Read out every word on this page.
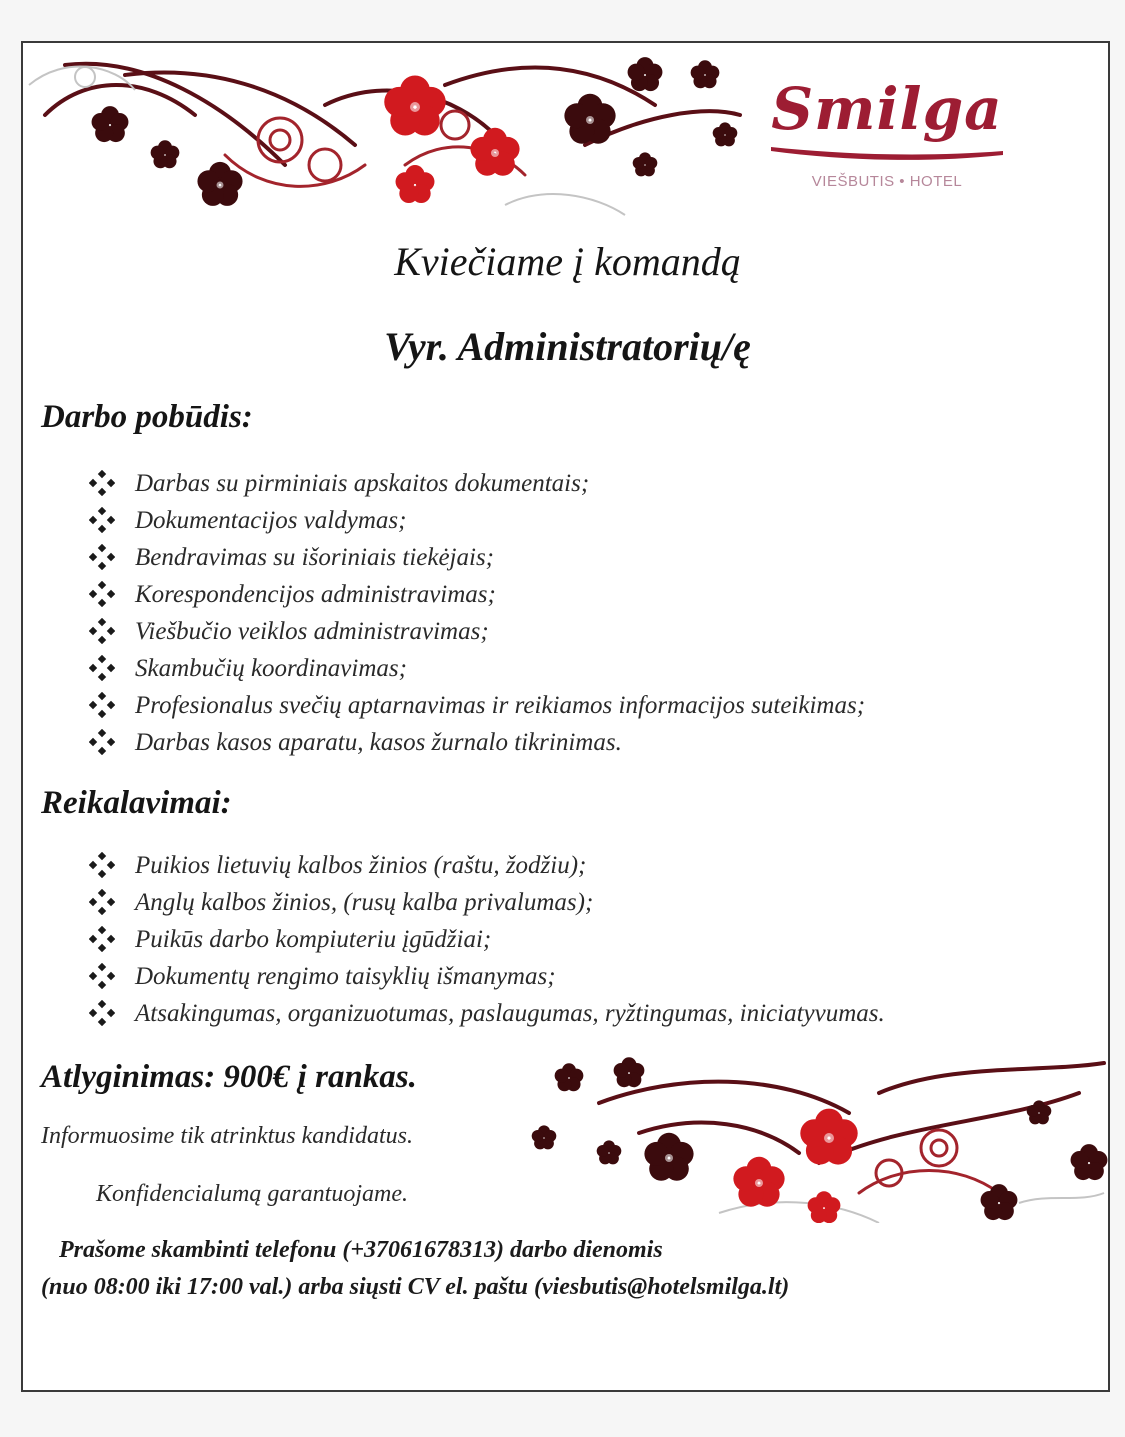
Smilga
VIEŠBUTIS • HOTEL
Kviečiame į komandą
Vyr. Administratorių/ę
Darbo pobūdis:
Darbas su pirminiais apskaitos dokumentais;
Dokumentacijos valdymas;
Bendravimas su išoriniais tiekėjais;
Korespondencijos administravimas;
Viešbučio veiklos administravimas;
Skambučių koordinavimas;
Profesionalus svečių aptarnavimas ir reikiamos informacijos suteikimas;
Darbas kasos aparatu, kasos žurnalo tikrinimas.
Reikalavimai:
Puikios lietuvių kalbos žinios (raštu, žodžiu);
Anglų kalbos žinios, (rusų kalba privalumas);
Puikūs darbo kompiuteriu įgūdžiai;
Dokumentų rengimo taisyklių išmanymas;
Atsakingumas, organizuotumas, paslaugumas, ryžtingumas, iniciatyvumas.
Atlyginimas: 900€ į rankas.
Informuosime tik atrinktus kandidatus.
Konfidencialumą garantuojame.
Prašome skambinti telefonu (+37061678313) darbo dienomis
(nuo 08:00 iki 17:00 val.) arba siųsti CV el. paštu (viesbutis@hotelsmilga.lt)
